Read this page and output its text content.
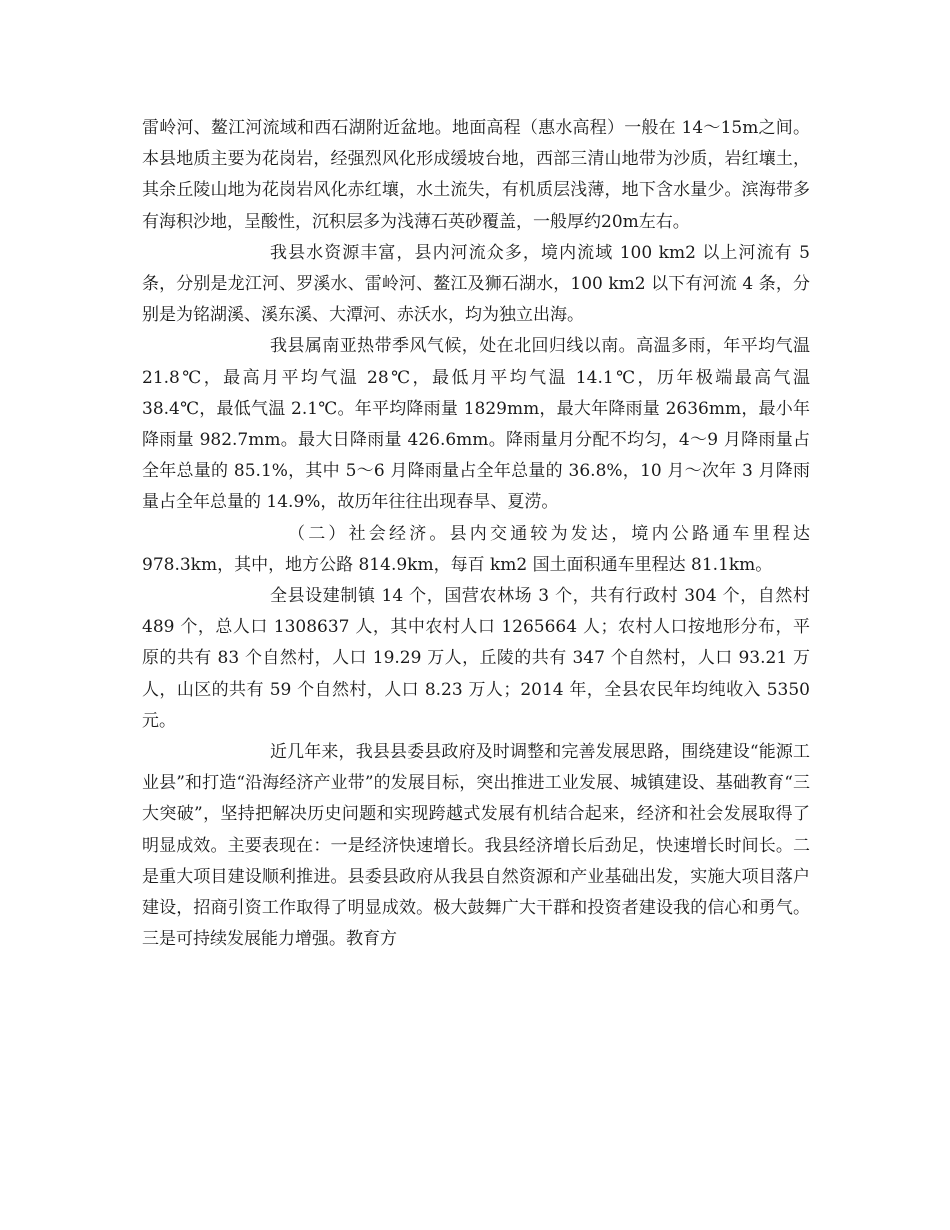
雷岭河、鳌江河流域和西石湖附近盆地。地面高程（惠水高程）一般在 14～15m之间。本县地质主要为花岗岩，经强烈风化形成缓坡台地，西部三清山地带为沙质，岩红壤土，其余丘陵山地为花岗岩风化赤红壤，水土流失，有机质层浅薄，地下含水量少。滨海带多有海积沙地，呈酸性，沉积层多为浅薄石英砂覆盖，一般厚约20m左右。

我县水资源丰富，县内河流众多，境内流域 100 km2 以上河流有 5 条，分别是龙江河、罗溪水、雷岭河、鳌江及狮石湖水，100 km2 以下有河流 4 条，分别是为铭湖溪、溪东溪、大潭河、赤沃水，均为独立出海。

我县属南亚热带季风气候，处在北回归线以南。高温多雨，年平均气温 21.8℃，最高月平均气温 28℃，最低月平均气温 14.1℃，历年极端最高气温 38.4℃，最低气温 2.1℃。年平均降雨量 1829mm，最大年降雨量 2636mm，最小年降雨量 982.7mm。最大日降雨量 426.6mm。降雨量月分配不均匀，4～9 月降雨量占全年总量的 85.1%，其中 5～6 月降雨量占全年总量的 36.8%，10 月～次年 3 月降雨量占全年总量的 14.9%，故历年往往出现春旱、夏涝。

（二）社会经济。县内交通较为发达，境内公路通车里程达 978.3km，其中，地方公路 814.9km，每百 km2 国土面积通车里程达 81.1km。

全县设建制镇 14 个，国营农林场 3 个，共有行政村 304 个，自然村 489 个，总人口 1308637 人，其中农村人口 1265664 人；农村人口按地形分布，平原的共有 83 个自然村，人口 19.29 万人，丘陵的共有 347 个自然村，人口 93.21 万人，山区的共有 59 个自然村，人口 8.23 万人；2014 年，全县农民年均纯收入 5350 元。

近几年来，我县县委县政府及时调整和完善发展思路，围绕建设“能源工业县”和打造“沿海经济产业带”的发展目标，突出推进工业发展、城镇建设、基础教育“三大突破”，坚持把解决历史问题和实现跨越式发展有机结合起来，经济和社会发展取得了明显成效。主要表现在：一是经济快速增长。我县经济增长后劲足，快速增长时间长。二是重大项目建设顺利推进。县委县政府从我县自然资源和产业基础出发，实施大项目落户建设，招商引资工作取得了明显成效。极大鼓舞广大干群和投资者建设我的信心和勇气。三是可持续发展能力增强。教育方
